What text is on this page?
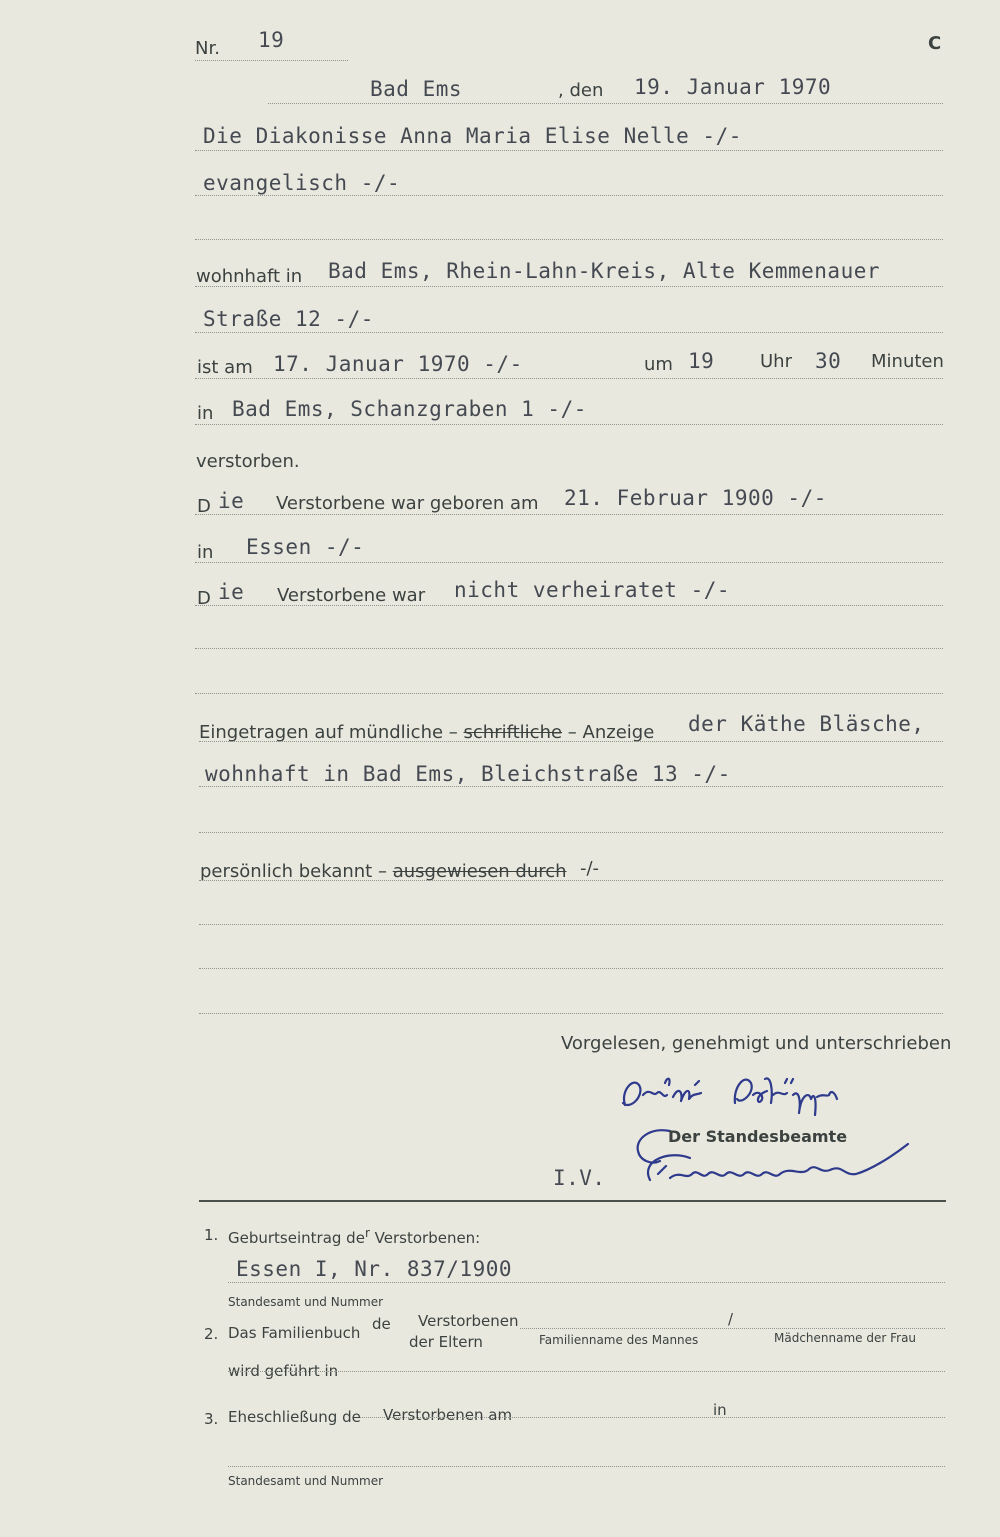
Nr. 19	C
Bad Ems	, den 19. Januar 1970
Die Diakonisse Anna Maria Elise Nelle -/-
evangelisch -/-
wohnhaft in Bad Ems, Rhein-Lahn-Kreis, Alte Kemmenauer
Straße 12 -/-
ist am 17. Januar 1970 -/-	um 19	Uhr 30 Minuten
in Bad Ems, Schanzgraben 1 -/-
verstorben.
D ie Verstorbene war geboren am 21. Februar 1900 -/-
in Essen -/-
D ie Verstorbene war nicht verheiratet -/-
Eingetragen auf mündliche – schriftliche – Anzeige der Käthe Bläsche,
wohnhaft in Bad Ems, Bleichstraße 13 -/-
persönlich bekannt – ausgewiesen durch -/-
Vorgelesen, genehmigt und unterschrieben
Der Standesbeamte
I.V.
1. Geburtseintrag $de^r$ Verstorbenen:
Essen I, Nr. 837/1900
Standesamt und Nummer
2. Das Familienbuch de Verstorbenen
der Eltern
/
Familienname des Mannes	Mädchenname der Frau
wird geführt in
3. Eheschließung de Verstorbenen am	in
Standesamt und Nummer
